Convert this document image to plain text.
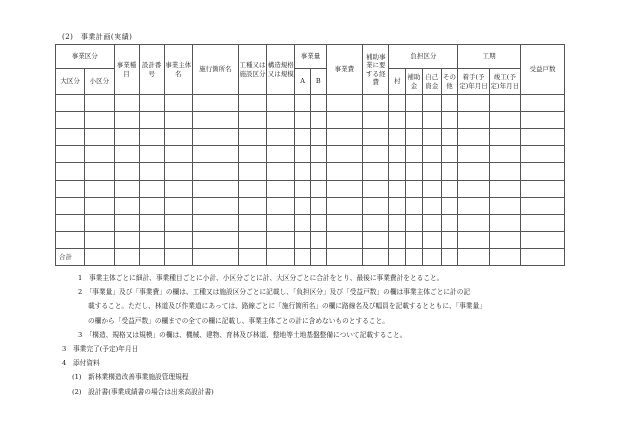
(2)　事業計画(実績)
事業区分		事業種目	設計番号	事業主体名	施行箇所名	工種又は施設区分	構造規格又は規模	事業量		事業費	補助事業に要する経費	負担区分				工期		受益戸数
大区分	小区分							A	B			村	補助金	自己資金	その他	着手(予定)年月日	竣工(予定)年月日	

合計																		

1　事業主体ごとに細計、事業種目ごとに小計、小区分ごとに計、大区分ごとに合計をとり、最後に事業費計をとること。

2　「事業量」及び「事業費」の欄は、工種又は施設区分ごとに記載し、「負担区分」及び「受益戸数」の欄は事業主体ごとに計の記

載すること。ただし、林道及び作業道にあっては、路線ごとに「施行箇所名」の欄に路線名及び幅員を記載するとともに、「事業量」

の欄から「受益戸数」の欄までの全ての欄に記載し、事業主体ごとの計に含めないものとすること。

3　「構造、規格又は規模」の欄は、機械、建物、育林及び林道、整地等土地基盤整備について記載すること。

3　事業完了(予定)年月日

4　添付資料

(1)　新林業構造改善事業施設管理規程

(2)　設計書(事業成績書の場合は出来高設計書)
